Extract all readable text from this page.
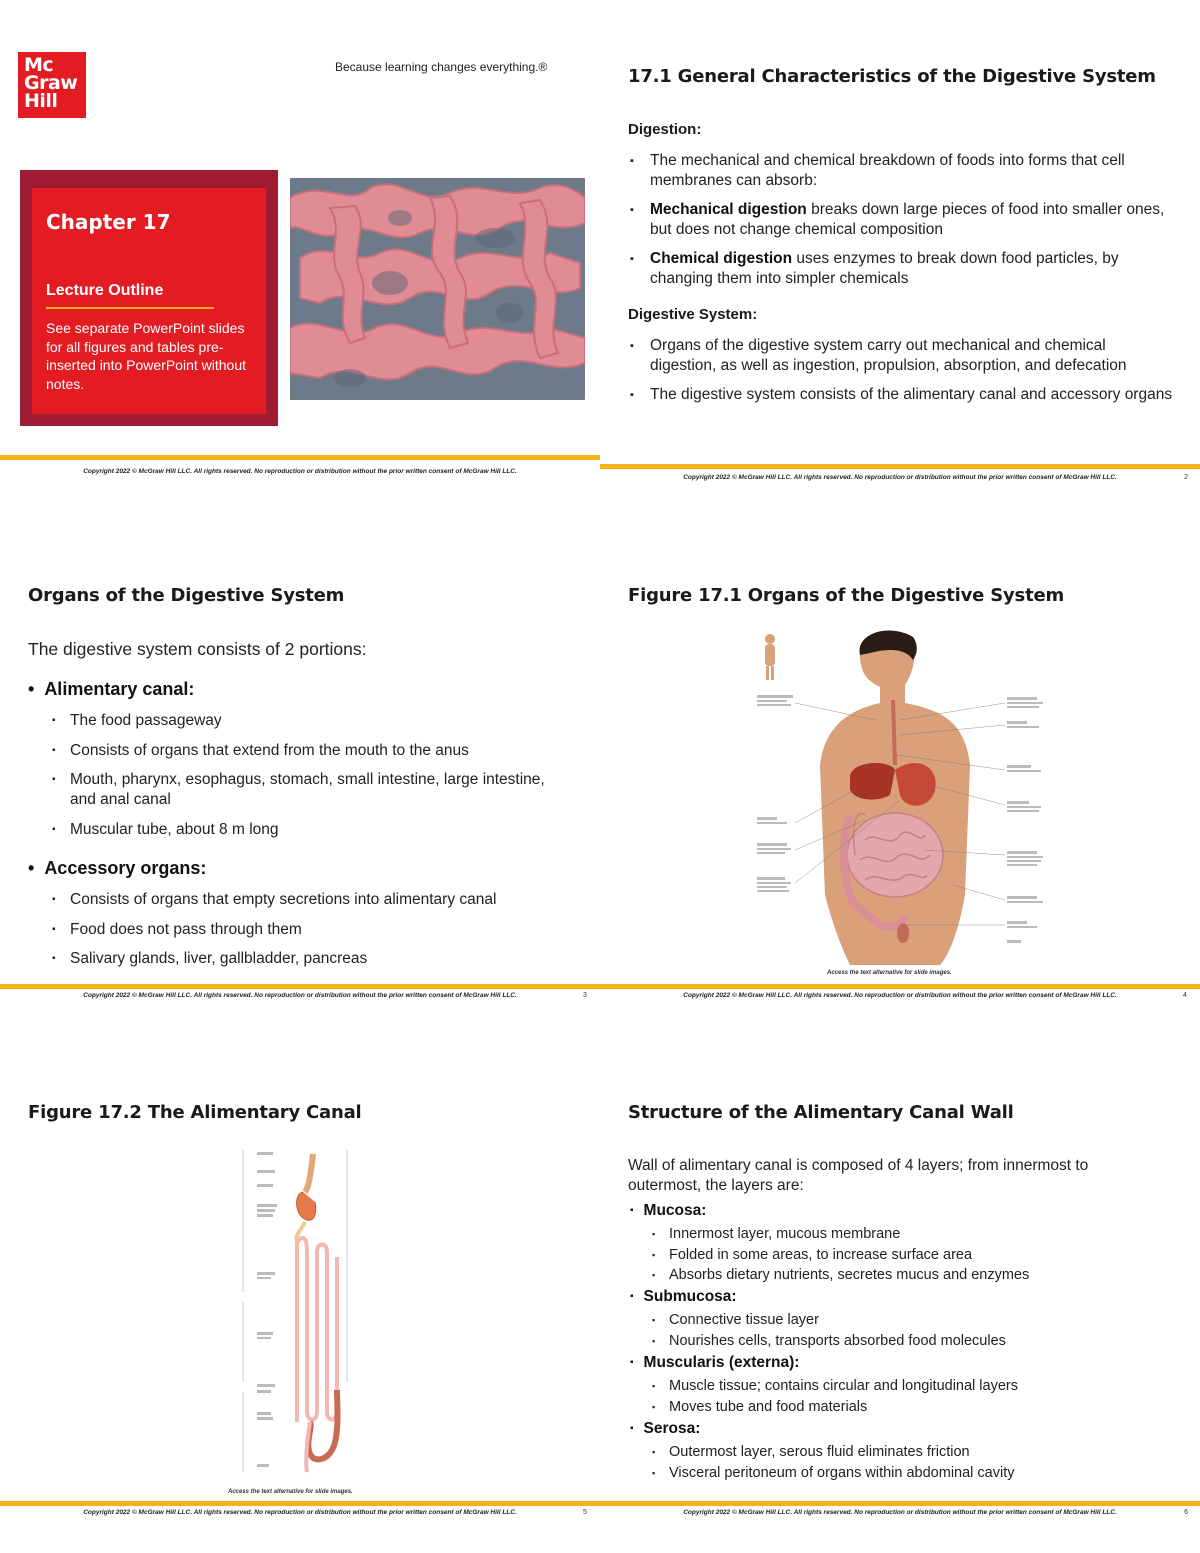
Mc
Graw
Hill
Because learning changes everything.®
Chapter 17
Lecture Outline
See separate PowerPoint slides for all figures and tables pre-inserted into PowerPoint without notes.
Copyright 2022 © McGraw Hill LLC. All rights reserved. No reproduction or distribution without the prior written consent of McGraw Hill LLC.
17.1 General Characteristics of the Digestive System
Digestion:
▪ The mechanical and chemical breakdown of foods into forms that cell membranes can absorb:
▪ Mechanical digestion breaks down large pieces of food into smaller ones, but does not change chemical composition
▪ Chemical digestion uses enzymes to break down food particles, by changing them into simpler chemicals
Digestive System:
▪ Organs of the digestive system carry out mechanical and chemical digestion, as well as ingestion, propulsion, absorption, and defecation
▪ The digestive system consists of the alimentary canal and accessory organs
Copyright 2022 © McGraw Hill LLC. All rights reserved. No reproduction or distribution without the prior written consent of McGraw Hill LLC.	2
Organs of the Digestive System
The digestive system consists of 2 portions:
• Alimentary canal:
▪ The food passageway
▪ Consists of organs that extend from the mouth to the anus
▪ Mouth, pharynx, esophagus, stomach, small intestine, large intestine, and anal canal
▪ Muscular tube, about 8 m long
• Accessory organs:
▪ Consists of organs that empty secretions into alimentary canal
▪ Food does not pass through them
▪ Salivary glands, liver, gallbladder, pancreas
Copyright 2022 © McGraw Hill LLC. All rights reserved. No reproduction or distribution without the prior written consent of McGraw Hill LLC.	3
Figure 17.1 Organs of the Digestive System
Access the text alternative for slide images.
Copyright 2022 © McGraw Hill LLC. All rights reserved. No reproduction or distribution without the prior written consent of McGraw Hill LLC.	4
Figure 17.2 The Alimentary Canal
Access the text alternative for slide images.
Copyright 2022 © McGraw Hill LLC. All rights reserved. No reproduction or distribution without the prior written consent of McGraw Hill LLC.	5
Structure of the Alimentary Canal Wall
Wall of alimentary canal is composed of 4 layers; from innermost to outermost, the layers are:
▪ Mucosa:
▪ Innermost layer, mucous membrane
▪ Folded in some areas, to increase surface area
▪ Absorbs dietary nutrients, secretes mucus and enzymes
▪ Submucosa:
▪ Connective tissue layer
▪ Nourishes cells, transports absorbed food molecules
▪ Muscularis (externa):
▪ Muscle tissue; contains circular and longitudinal layers
▪ Moves tube and food materials
▪ Serosa:
▪ Outermost layer, serous fluid eliminates friction
▪ Visceral peritoneum of organs within abdominal cavity
Copyright 2022 © McGraw Hill LLC. All rights reserved. No reproduction or distribution without the prior written consent of McGraw Hill LLC.	6
